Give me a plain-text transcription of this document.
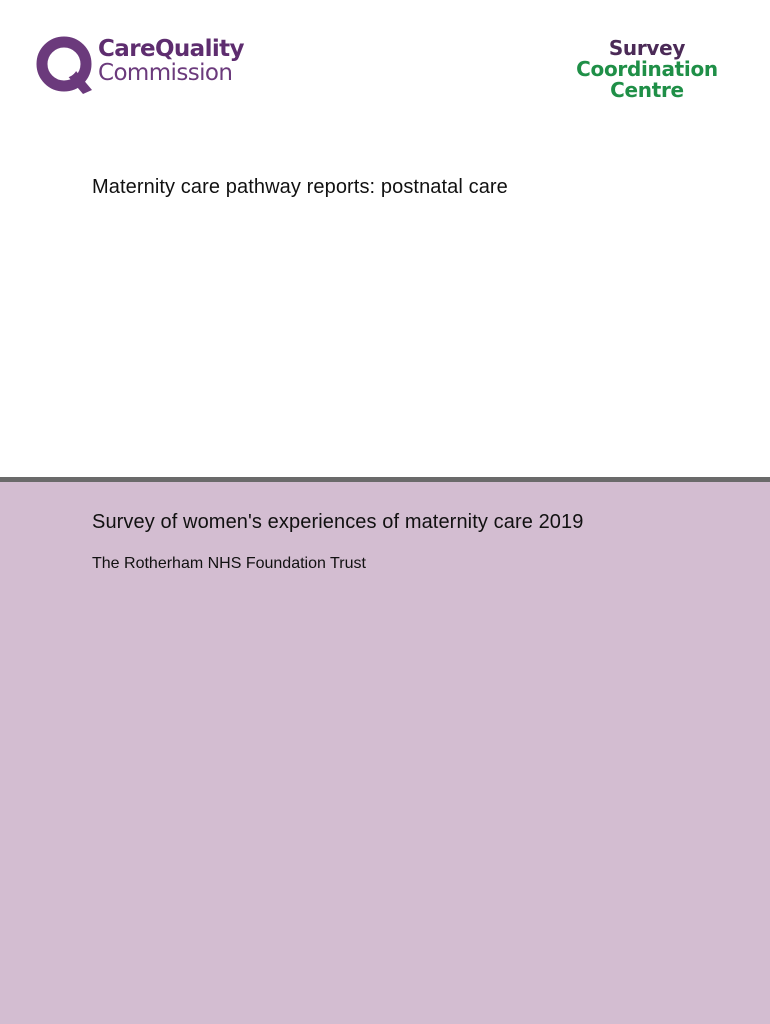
CareQuality
Commission
Survey
Coordination
Centre
Maternity care pathway reports: postnatal care
Survey of women's experiences of maternity care 2019
The Rotherham NHS Foundation Trust
